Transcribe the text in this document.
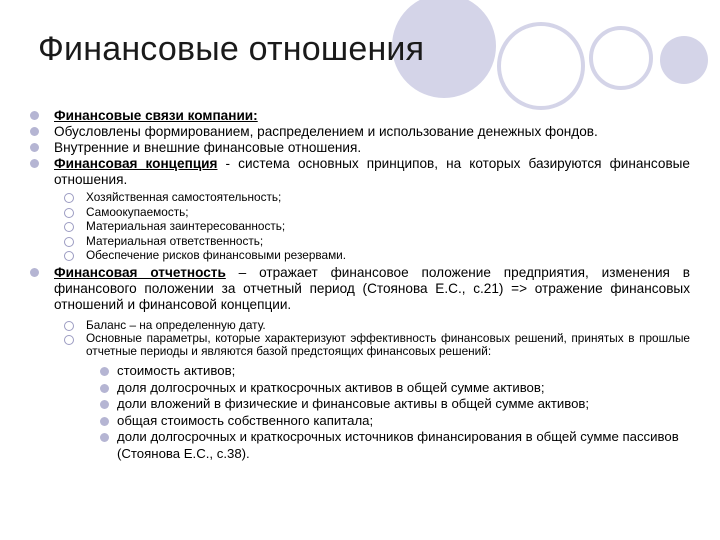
Финансовые отношения
Финансовые связи компании:
Обусловлены формированием, распределением и использование денежных фондов.
Внутренние и внешние финансовые отношения.
Финансовая концепция - система основных принципов, на которых базируются финансовые отношения.
Хозяйственная самостоятельность;
Самоокупаемость;
Материальная заинтересованность;
Материальная ответственность;
Обеспечение рисков финансовыми резервами.
Финансовая отчетность – отражает финансовое положение предприятия, изменения в финансового положении за отчетный период (Стоянова Е.С., с.21) => отражение финансовых отношений и финансовой концепции.
Баланс – на определенную дату.
Основные параметры, которые характеризуют эффективность финансовых решений, принятых в прошлые отчетные периоды и являются базой предстоящих финансовых решений:
стоимость активов;
доля долгосрочных и краткосрочных активов в общей сумме активов;
доли вложений в физические и финансовые активы в общей сумме активов;
общая стоимость собственного капитала;
доли долгосрочных и краткосрочных источников финансирования в общей сумме пассивов (Стоянова Е.С., с.38).
